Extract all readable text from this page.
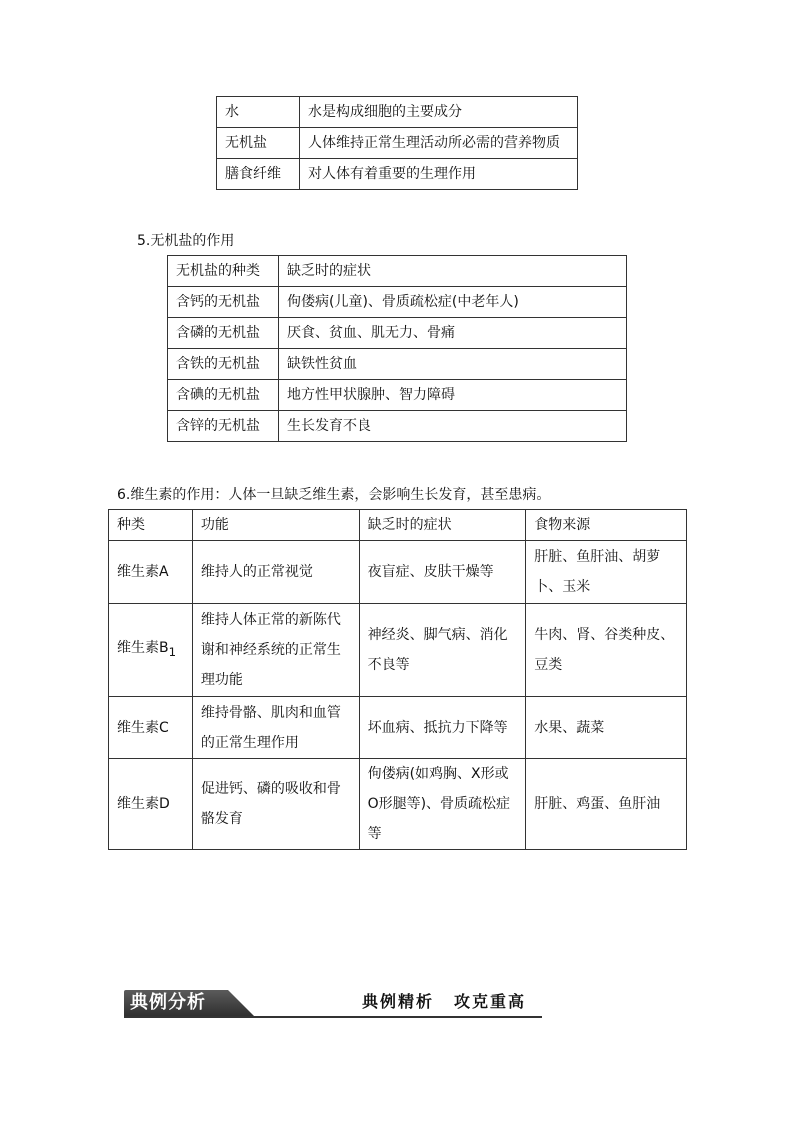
水	水是构成细胞的主要成分
无机盐	人体维持正常生理活动所必需的营养物质
膳食纤维	对人体有着重要的生理作用
5.无机盐的作用
无机盐的种类	缺乏时的症状
含钙的无机盐	佝偻病(儿童)、骨质疏松症(中老年人)
含磷的无机盐	厌食、贫血、肌无力、骨痛
含铁的无机盐	缺铁性贫血
含碘的无机盐	地方性甲状腺肿、智力障碍
含锌的无机盐	生长发育不良
6.维生素的作用：人体一旦缺乏维生素，会影响生长发育，甚至患病。
种类	功能	缺乏时的症状	食物来源
维生素A	维持人的正常视觉	夜盲症、皮肤干燥等	肝脏、鱼肝油、胡萝卜、玉米
维生素$B_1$	维持人体正常的新陈代谢和神经系统的正常生理功能	神经炎、脚气病、消化不良等	牛肉、肾、谷类种皮、豆类
维生素C	维持骨骼、肌肉和血管的正常生理作用	坏血病、抵抗力下降等	水果、蔬菜
维生素D	促进钙、磷的吸收和骨骼发育	佝偻病(如鸡胸、X形或O形腿等)、骨质疏松症等	肝脏、鸡蛋、鱼肝油
典例分析	典例精析 攻克重高
